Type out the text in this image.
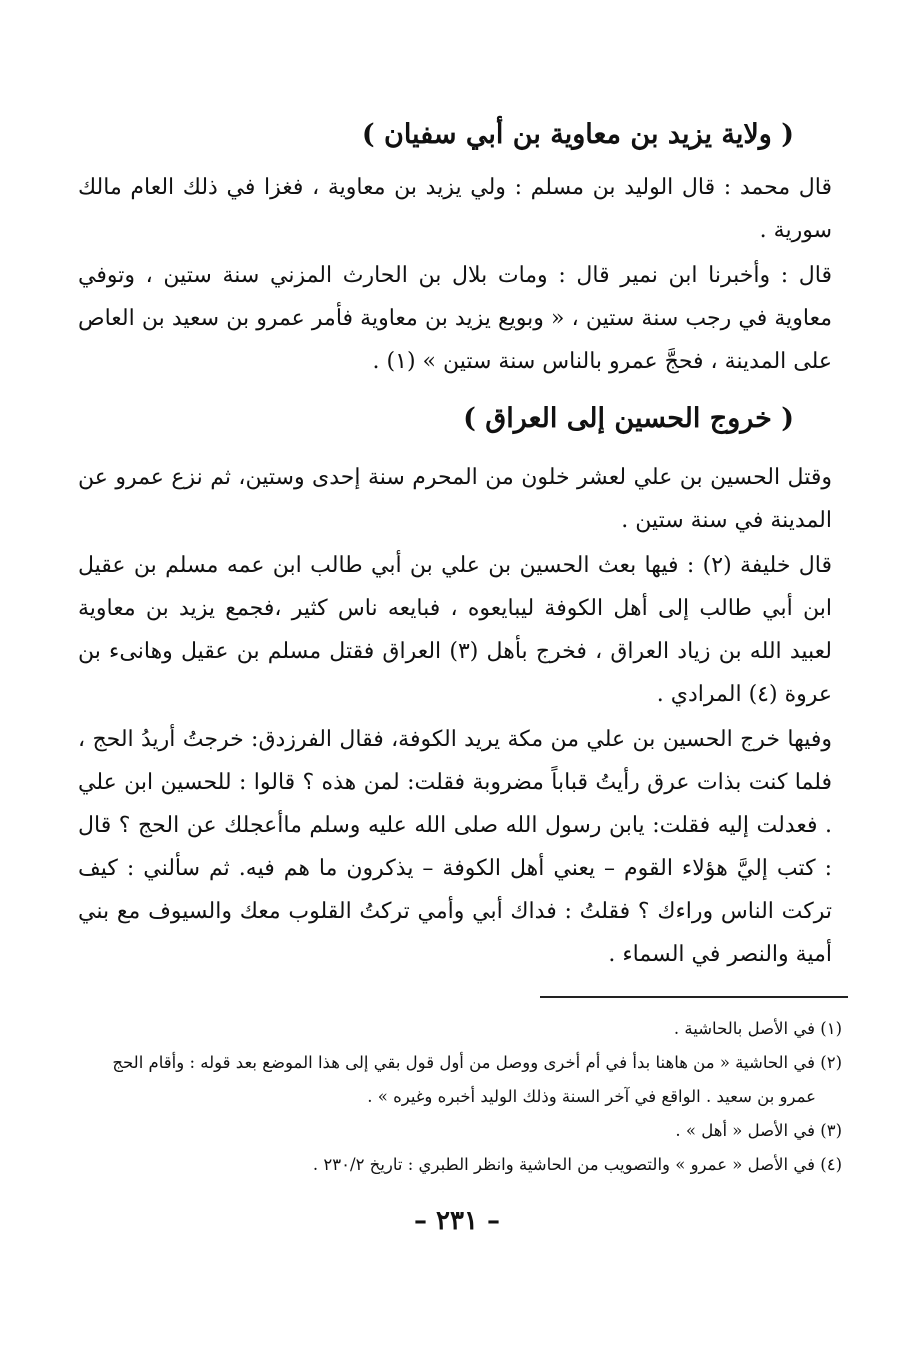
( ولاية يزيد بن معاوية بن أبي سفيان )
قال محمد : قال الوليد بن مسلم : ولي يزيد بن معاوية ، فغزا في ذلك العام مالك سورية .
قال : وأخبرنا ابن نمير قال : ومات بلال بن الحارث المزني سنة ستين ، وتوفي معاوية في رجب سنة ستين ، « وبويع يزيد بن معاوية فأمر عمرو بن سعيد بن العاص على المدينة ، فحجَّ عمرو بالناس سنة ستين » (١) .
( خروج الحسين إلى العراق )
وقتل الحسين بن علي لعشر خلون من المحرم سنة إحدى وستين، ثم نزع عمرو عن المدينة في سنة ستين .
قال خليفة (٢) : فيها بعث الحسين بن علي بن أبي طالب ابن عمه مسلم بن عقيل ابن أبي طالب إلى أهل الكوفة ليبايعوه ، فبايعه ناس كثير ،فجمع يزيد بن معاوية لعبيد الله بن زياد العراق ، فخرج بأهل (٣) العراق فقتل مسلم بن عقيل وهانىء بن عروة (٤) المرادي .
وفيها خرج الحسين بن علي من مكة يريد الكوفة، فقال الفرزدق: خرجتُ أريدُ الحج ، فلما كنت بذات عرق رأيتُ قباباً مضروبة فقلت: لمن هذه ؟ قالوا : للحسين ابن علي . فعدلت إليه فقلت: يابن رسول الله صلى الله عليه وسلم ماأعجلك عن الحج ؟ قال : كتب إليَّ هؤلاء القوم – يعني أهل الكوفة – يذكرون ما هم فيه. ثم سألني : كيف تركت الناس وراءك ؟ فقلتُ : فداك أبي وأمي تركتُ القلوب معك والسيوف مع بني أمية والنصر في السماء .
(١) في الأصل بالحاشية .
(٢) في الحاشية « من هاهنا بدأ في أم أخرى ووصل من أول قول بقي إلى هذا الموضع بعد قوله : وأقام الحج
عمرو بن سعيد . الواقع في آخر السنة وذلك الوليد أخبره وغيره » .
(٣) في الأصل « أهل » .
(٤) في الأصل « عمرو » والتصويب من الحاشية وانظر الطبري : تاريخ ٢٣٠/٢ .
– ٢٣١ –
